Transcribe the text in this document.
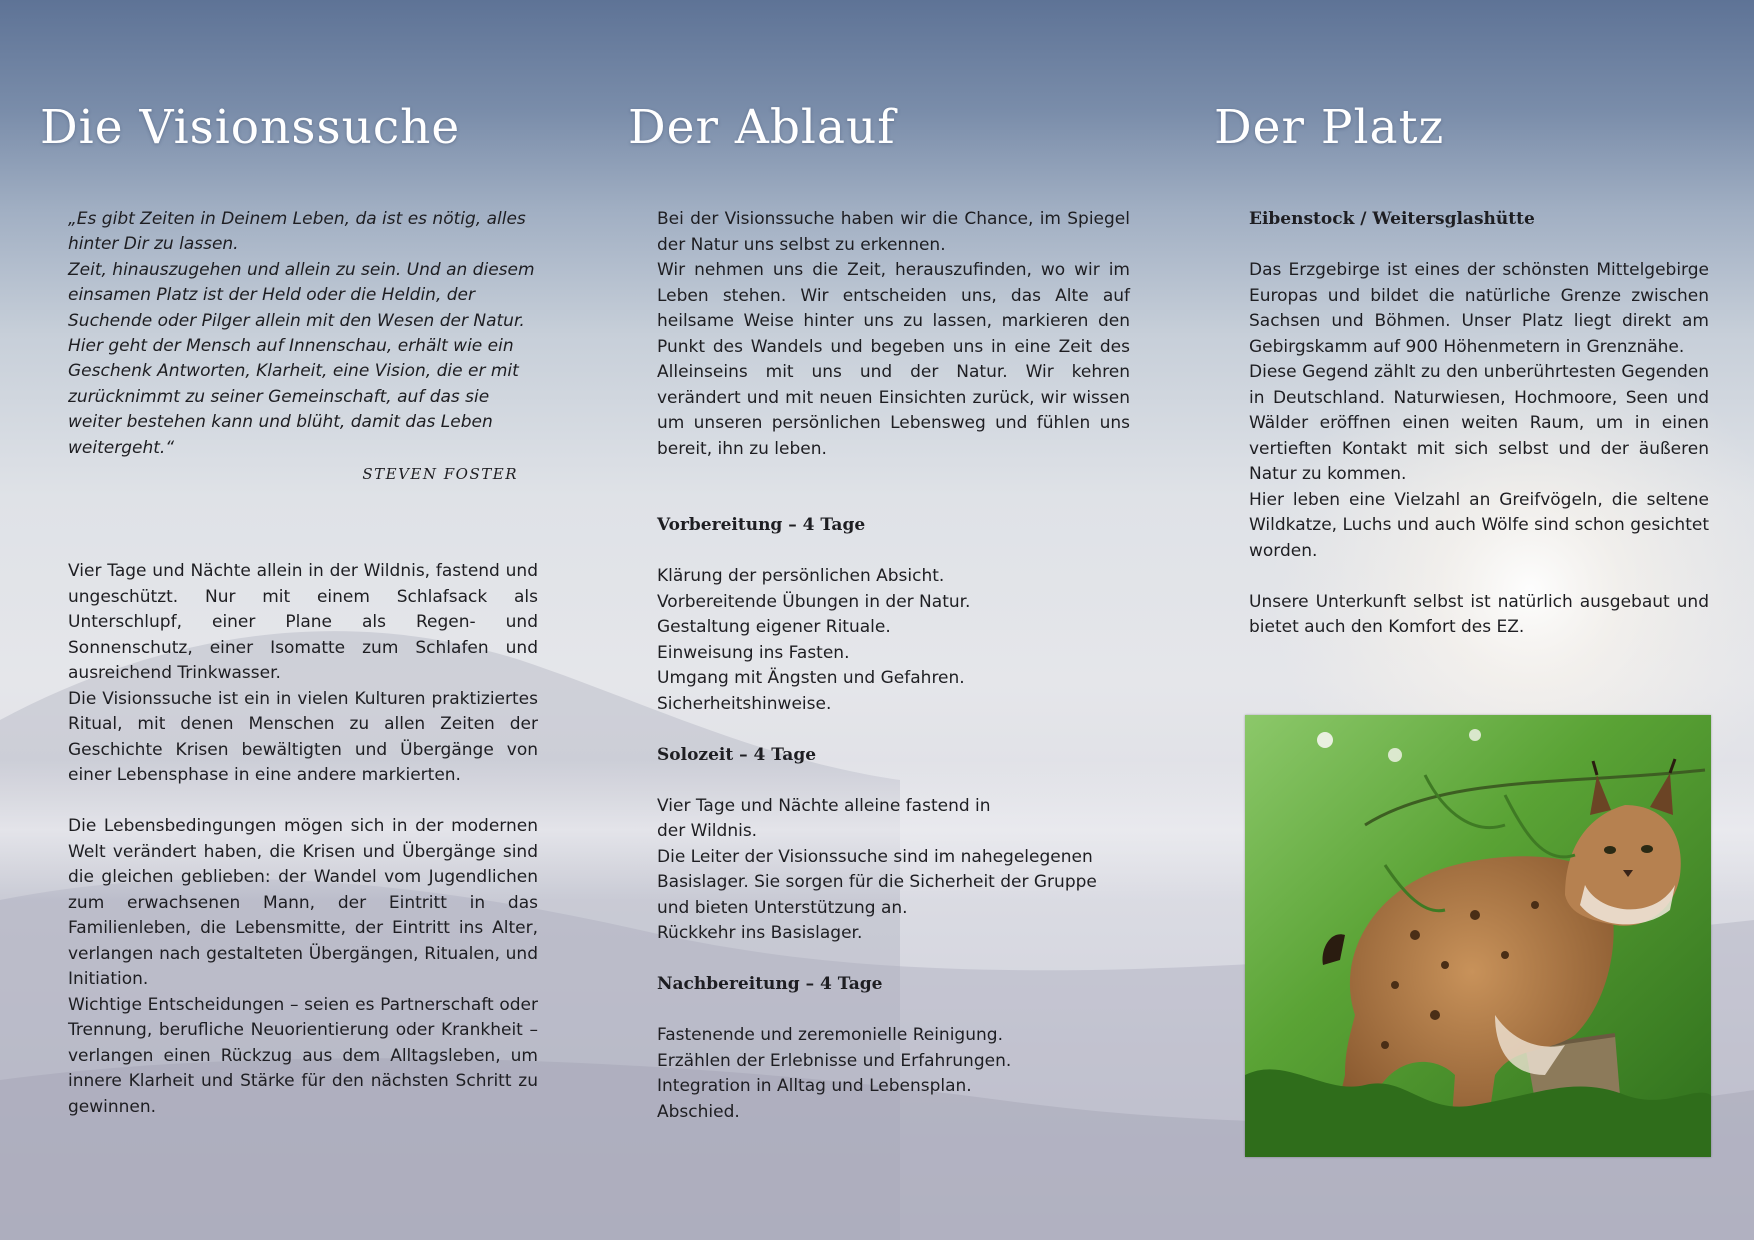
Die Visionssuche

„Es gibt Zeiten in Deinem Leben, da ist es nötig, alles hinter Dir zu lassen.

Zeit, hinauszugehen und allein zu sein. Und an diesem einsamen Platz ist der Held oder die Heldin, der Suchende oder Pilger allein mit den Wesen der Natur.

Hier geht der Mensch auf Innenschau, erhält wie ein Geschenk Antworten, Klarheit, eine Vision, die er mit zurücknimmt zu seiner Gemeinschaft, auf das sie weiter bestehen kann und blüht, damit das Leben weitergeht.“

STEVEN FOSTER

Vier Tage und Nächte allein in der Wildnis, fastend und ungeschützt. Nur mit einem Schlafsack als Unterschlupf, einer Plane als Regen- und Sonnenschutz, einer Isomatte zum Schlafen und ausreichend Trinkwasser.

Die Visionssuche ist ein in vielen Kulturen praktiziertes Ritual, mit denen Menschen zu allen Zeiten der Geschichte Krisen bewältigten und Übergänge von einer Lebensphase in eine andere markierten.

Die Lebensbedingungen mögen sich in der modernen Welt verändert haben, die Krisen und Übergänge sind die gleichen geblieben: der Wandel vom Jugendlichen zum erwachsenen Mann, der Eintritt in das Familienleben, die Lebensmitte, der Eintritt ins Alter, verlangen nach gestalteten Übergängen, Ritualen, und Initiation.

Wichtige Entscheidungen – seien es Partnerschaft oder Trennung, berufliche Neuorientierung oder Krankheit – verlangen einen Rückzug aus dem Alltagsleben, um innere Klarheit und Stärke für den nächsten Schritt zu gewinnen.

Der Ablauf

Bei der Visionssuche haben wir die Chance, im Spiegel der Natur uns selbst zu erkennen.

Wir nehmen uns die Zeit, herauszufinden, wo wir im Leben stehen. Wir entscheiden uns, das Alte auf heilsame Weise hinter uns zu lassen, markieren den Punkt des Wandels und begeben uns in eine Zeit des Alleinseins mit uns und der Natur. Wir kehren verändert und mit neuen Einsichten zurück, wir wissen um unseren persönlichen Lebensweg und fühlen uns bereit, ihn zu leben.

Vorbereitung – 4 Tage

Klärung der persönlichen Absicht.

Vorbereitende Übungen in der Natur.

Gestaltung eigener Rituale.

Einweisung ins Fasten.

Umgang mit Ängsten und Gefahren.

Sicherheitshinweise.

Solozeit – 4 Tage

Vier Tage und Nächte alleine fastend in der Wildnis.

Die Leiter der Visionssuche sind im nahegelegenen Basislager. Sie sorgen für die Sicherheit der Gruppe und bieten Unterstützung an.

Rückkehr ins Basislager.

Nachbereitung – 4 Tage

Fastenende und zeremonielle Reinigung.

Erzählen der Erlebnisse und Erfahrungen.

Integration in Alltag und Lebensplan.

Abschied.

Der Platz

Eibenstock / Weitersglashütte

Das Erzgebirge ist eines der schönsten Mittelgebirge Europas und bildet die natürliche Grenze zwischen Sachsen und Böhmen. Unser Platz liegt direkt am Gebirgskamm auf 900 Höhenmetern in Grenznähe.

Diese Gegend zählt zu den unberührtesten Gegenden in Deutschland. Naturwiesen, Hochmoore, Seen und Wälder eröffnen einen weiten Raum, um in einen vertieften Kontakt mit sich selbst und der äußeren Natur zu kommen.

Hier leben eine Vielzahl an Greifvögeln, die seltene Wildkatze, Luchs und auch Wölfe sind schon gesichtet worden.

Unsere Unterkunft selbst ist natürlich ausgebaut und bietet auch den Komfort des EZ.
